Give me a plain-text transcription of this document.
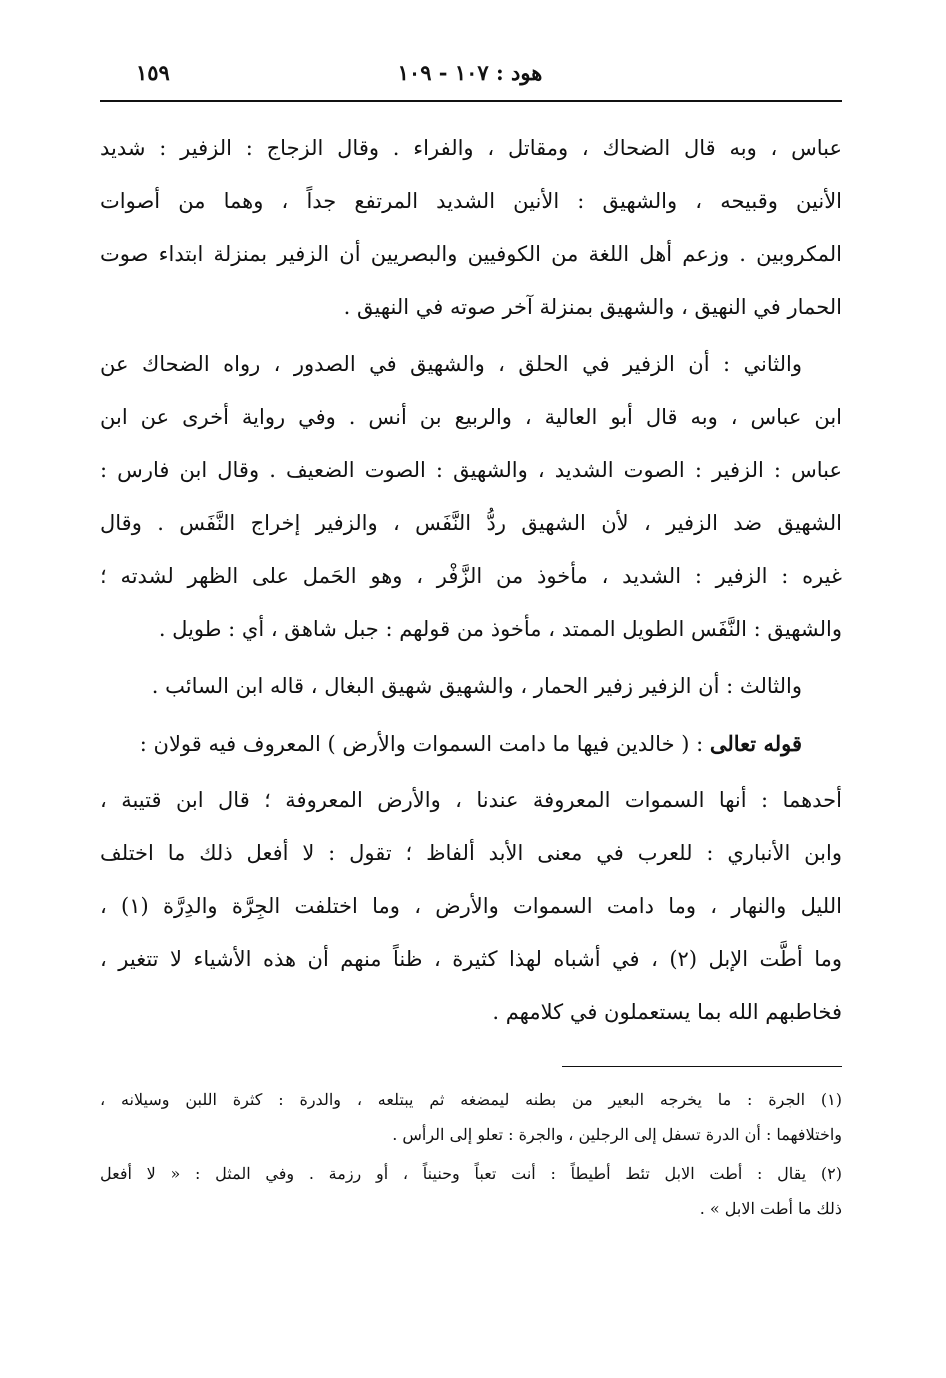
هود : ١٠٧ - ١٠٩
١٥٩
عباس ، وبه قال الضحاك ، ومقاتل ، والفراء . وقال الزجاج : الزفير : شديد
الأنين وقبيحه ، والشهيق : الأنين الشديد المرتفع جداً ، وهما من أصوات
المكروبين . وزعم أهل اللغة من الكوفيين والبصريين أن الزفير بمنزلة ابتداء صوت
الحمار في النهيق ، والشهيق بمنزلة آخر صوته في النهيق .
والثاني : أن الزفير في الحلق ، والشهيق في الصدور ، رواه الضحاك عن
ابن عباس ، وبه قال أبو العالية ، والربيع بن أنس . وفي رواية أخرى عن ابن
عباس : الزفير : الصوت الشديد ، والشهيق : الصوت الضعيف . وقال ابن فارس :
الشهيق ضد الزفير ، لأن الشهيق ردُّ النَّفَس ، والزفير إخراج النَّفَس . وقال
غيره : الزفير : الشديد ، مأخوذ من الزَّفْر ، وهو الحَمل على الظهر لشدته ؛
والشهيق : النَّفَس الطويل الممتد ، مأخوذ من قولهم : جبل شاهق ، أي : طويل .
والثالث : أن الزفير زفير الحمار ، والشهيق شهيق البغال ، قاله ابن السائب .
قوله تعالى : ( خالدين فيها ما دامت السموات والأرض ) المعروف فيه قولان :
أحدهما : أنها السموات المعروفة عندنا ، والأرض المعروفة ؛ قال ابن قتيبة ،
وابن الأنباري : للعرب في معنى الأبد ألفاظ ؛ تقول : لا أفعل ذلك ما اختلف
الليل والنهار ، وما دامت السموات والأرض ، وما اختلفت الجِرَّة والدِرَّة (١) ،
وما أطَّت الإبل (٢) ، في أشباه لهذا كثيرة ، ظناً منهم أن هذه الأشياء لا تتغير ،
فخاطبهم الله بما يستعملون في كلامهم .
(١) الجرة : ما يخرجه البعير من بطنه ليمضغه ثم يبتلعه ، والدرة : كثرة اللبن وسيلانه ،
واختلافهما : أن الدرة تسفل إلى الرجلين ، والجرة : تعلو إلى الرأس .
(٢) يقال : أطت الابل تئط أطيطاً : أنت تعباً وحنيناً ، أو رزمة . وفي المثل : « لا أفعل
ذلك ما أطت الابل » .
